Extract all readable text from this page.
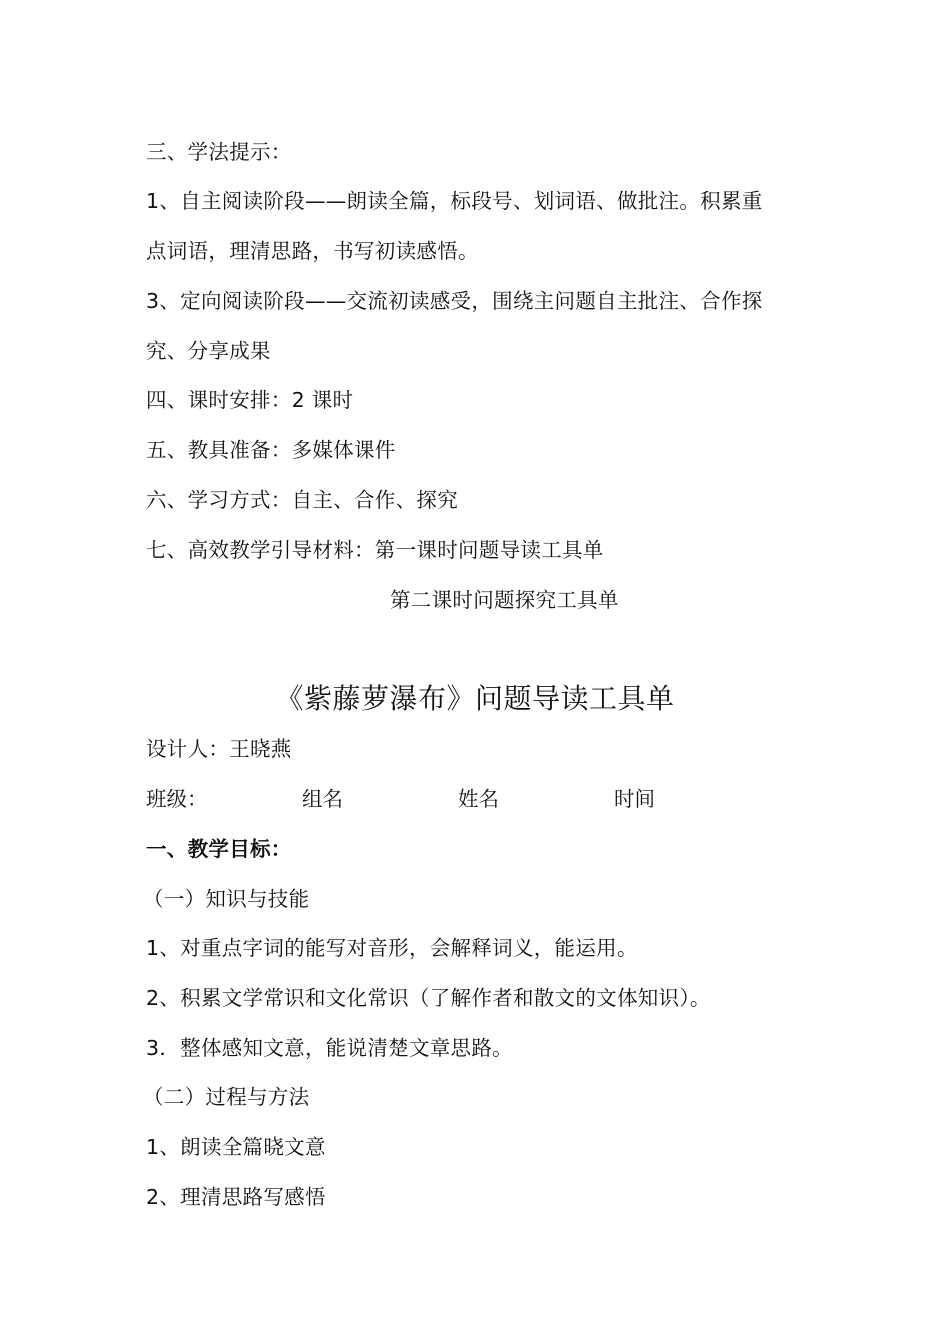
三、学法提示：
1、自主阅读阶段——朗读全篇，标段号、划词语、做批注。积累重
点词语，理清思路，书写初读感悟。
3、定向阅读阶段——交流初读感受，围绕主问题自主批注、合作探
究、分享成果
四、课时安排：2 课时
五、教具准备：多媒体课件
六、学习方式：自主、合作、探究
七、高效教学引导材料：第一课时问题导读工具单
第二课时问题探究工具单
《紫藤萝瀑布》问题导读工具单
设计人：王晓燕
班级：	组名	姓名	时间
一、教学目标：
（一）知识与技能
1、对重点字词的能写对音形，会解释词义，能运用。
2、积累文学常识和文化常识（了解作者和散文的文体知识）。
3．整体感知文意，能说清楚文章思路。
（二）过程与方法
1、朗读全篇晓文意
2、理清思路写感悟
